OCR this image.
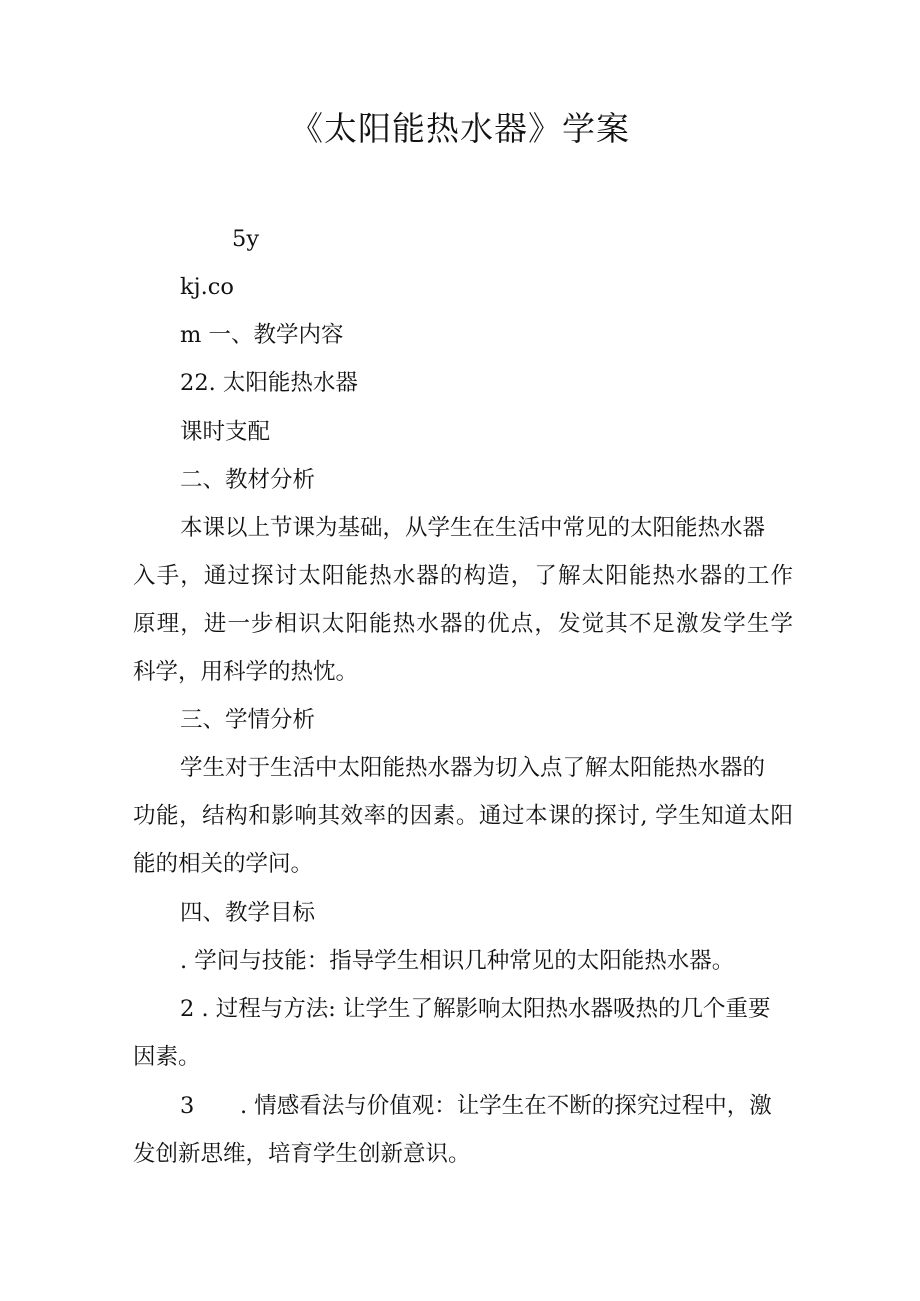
《太阳能热水器》学案
5y
kj.co
m 一、教学内容
22. 太阳能热水器
课时支配
二、教材分析
本课以上节课为基础，从学生在生活中常见的太阳能热水器
入手，通过探讨太阳能热水器的构造，了解太阳能热水器的工作
原理，进一步相识太阳能热水器的优点，发觉其不足激发学生学
科学，用科学的热忱。
三、学情分析
学生对于生活中太阳能热水器为切入点了解太阳能热水器的
功能，结构和影响其效率的因素。通过本课的探讨, 学生知道太阳
能的相关的学问。
四、教学目标
. 学问与技能：指导学生相识几种常见的太阳能热水器。
2 . 过程与方法: 让学生了解影响太阳热水器吸热的几个重要
因素。
3 . 情感看法与价值观：让学生在不断的探究过程中，激
发创新思维，培育学生创新意识。
